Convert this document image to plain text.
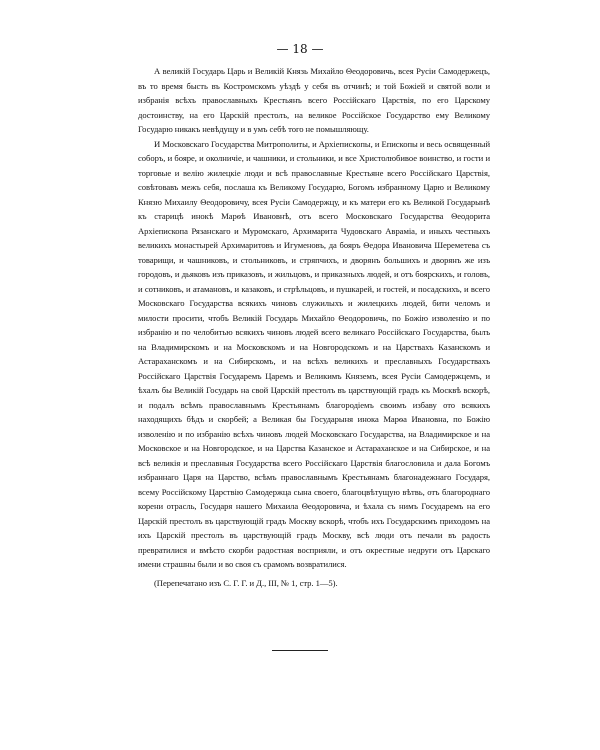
— 18 —

А великiй Государь Царь и Великiй Князь Михайло Θеодоровичь, всея Русiи Самодержецъ, въ то время бысть въ Костромскомъ уѣздѣ у себя въ отчинѣ; и той Божiей и святой воли и избранiя всѣхъ православныхъ Крестьянъ всего Россiйскаго Царствiя, по его Царскому достоинству, на его Царскiй престолъ, на великое Россiйское Государство ему Великому Государю никакъ невѣдущу и в умъ себѣ того не помышляющу.

И Московскаго Государства Митрополиты, и Архiепископы, и Епископы и весь освященный соборъ, и бояре, и околничiе, и чашники, и стольники, и все Христолюбивое воинство, и гости и торговые и велiю жилецкiе люди и всѣ православные Крестьяне всего Россiйскаго Царствiя, совѣтовавъ межъ себя, послаша къ Великому Государю, Богомъ избранному Царю и Великому Князю Михаилу Θеодоровичу, всея Русiи Самодержцу, и къ матери его къ Великой Государынѣ къ старицѣ инокѣ Марѳѣ Ивановнѣ, отъ всего Московскаго Государства Θеодорита Архiепископа Рязанскаго и Муромскаго, Архимарита Чудовскаго Авраміа, и иныхъ честныхъ великихъ монастырей Архимаритовъ и Игуменовъ, да бояръ Θедора Ивановича Шереметева съ товарищи, и чашниковъ, и стольниковъ, и стряпчихъ, и дворянъ большихъ и дворянъ же изъ городовъ, и дьяковъ изъ приказовъ, и жильцовъ, и приказныхъ людей, и отъ боярскихъ, и головъ, и сотниковъ, и атамановъ, и казаковъ, и стрѣльцовъ, и пушкарей, и гостей, и посадскихъ, и всего Московскаго Государства всякихъ чиновъ служилыхъ и жилецкихъ людей, бити челомъ и милости просити, чтобъ Великiй Государь Михайло Θеодоровичь, по Божiю изволенiю и по избранiю и по челобитью всякихъ чиновъ людей всего великаго Россiйскаго Государства, былъ на Владимирскомъ и на Московскомъ и на Новгородскомъ и на Царствахъ Казанскомъ и Астараханскомъ и на Сибирскомъ, и на всѣхъ великихъ и преславныхъ Государствахъ Россiйскаго Царствiя Государемъ Царемъ и Великимъ Княземъ, всея Русiи Самодержцемъ, и ѣхалъ бы Великiй Государь на свой Царскiй престолъ въ царствующiй градъ къ Москвѣ вскорѣ, и подалъ всѣмъ православнымъ Крестьянамъ благородiемъ своимъ избаву ото всякихъ находящихъ бѣдъ и скорбей; а Великая бы Государыня инока Марѳа Ивановна, по Божiю изволенiю и по избранiю всѣхъ чиновъ людей Московскаго Государства, на Владимирское и на Московское и на Новгородское, и на Царства Казанское и Астараханское и на Сибирское, и на всѣ великiя и преславныя Государства всего Россiйскаго Царствiя благословила и дала Богомъ избраннаго Царя на Царство, всѣмъ православнымъ Крестьянамъ благонадежнаго Государя, всему Россiйскому Царствiю Самодержца сына своего, благоцвѣтущую вѣтвь, отъ благороднаго корени отрасль, Государя нашего Михаила Θеодоровича, и ѣхала съ нимъ Государемъ на его Царскiй престолъ въ царствующiй градъ Москву вскорѣ, чтобъ ихъ Государскимъ приходомъ на ихъ Царскiй престолъ въ царствующiй градъ Москву, всѣ люди отъ печали въ радость превратилися и вмѣсто скорби радостная восприяли, и отъ окрестные недруги отъ Царскаго имени страшны были и во своя съ срамомъ возвратилися.

(Перепечатано изъ С. Г. Г. и Д., III, № 1, стр. 1—5).
